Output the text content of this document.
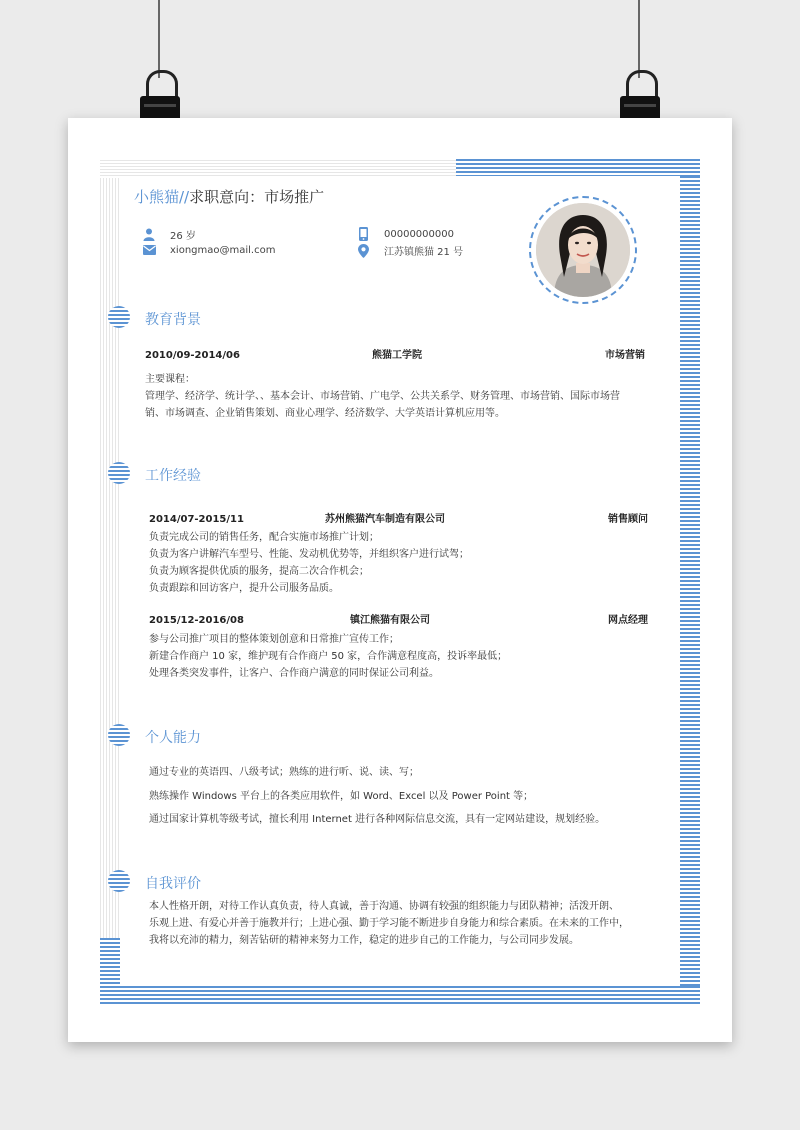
小熊猫//求职意向：市场推广
26 岁
xiongmao@mail.com
00000000000
江苏镇熊猫 21 号
教育背景
2010/09-2014/06	熊猫工学院	市场营销
主要课程：
管理学、经济学、统计学、、基本会计、市场营销、广电学、公共关系学、财务管理、市场营销、国际市场营
销、市场调查、企业销售策划、商业心理学、经济数学、大学英语计算机应用等。
工作经验
2014/07-2015/11	苏州熊猫汽车制造有限公司	销售顾问
负责完成公司的销售任务，配合实施市场推广计划；
负责为客户讲解汽车型号、性能、发动机优势等，并组织客户进行试驾；
负责为顾客提供优质的服务，提高二次合作机会；
负责跟踪和回访客户，提升公司服务品质。
2015/12-2016/08	镇江熊猫有限公司	网点经理
参与公司推广项目的整体策划创意和日常推广宣传工作；
新建合作商户 10 家，维护现有合作商户 50 家，合作满意程度高，投诉率最低；
处理各类突发事件，让客户、合作商户满意的同时保证公司利益。
个人能力
通过专业的英语四、八级考试；熟练的进行听、说、读、写；
熟练操作 Windows 平台上的各类应用软件，如 Word、Excel 以及 Power Point 等；
通过国家计算机等级考试，擅长利用 Internet 进行各种网际信息交流，具有一定网站建设，规划经验。
自我评价
本人性格开朗，对待工作认真负责，待人真诚，善于沟通、协调有较强的组织能力与团队精神；活泼开朗、
乐观上进、有爱心并善于施教并行；上进心强、勤于学习能不断进步自身能力和综合素质。在未来的工作中，
我将以充沛的精力，刻苦钻研的精神来努力工作，稳定的进步自己的工作能力，与公司同步发展。
